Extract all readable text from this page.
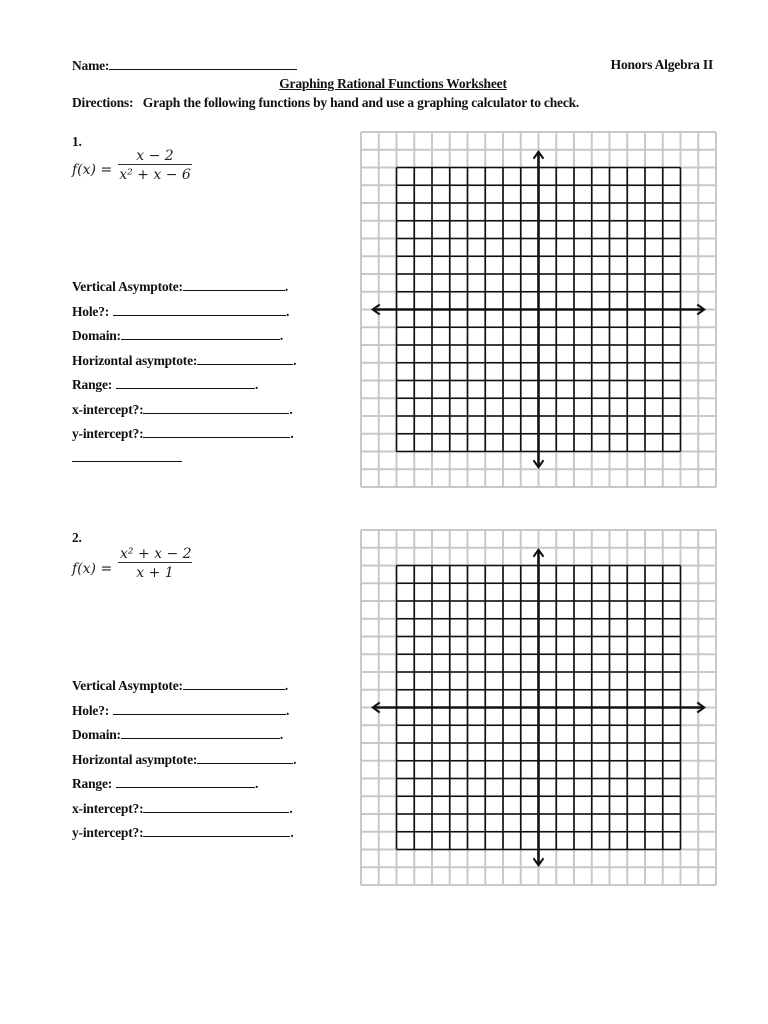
Name:	Honors Algebra II
Graphing Rational Functions Worksheet
Directions:   Graph the following functions by hand and use a graphing calculator to check.
1.
$f(x) = \frac{x - 2}{\text{x² + x − 6}}$
Vertical Asymptote:	.
Hole?:	.
Domain:	.
Horizontal asymptote:	.
Range:	.
x-intercept?:	.
y-intercept?:	.
2.
$f(x) = \frac{\text{x² + x − 2}}{x + 1}$
Vertical Asymptote:	.
Hole?:	.
Domain:	.
Horizontal asymptote:	.
Range:	.
x-intercept?:	.
y-intercept?:	.
